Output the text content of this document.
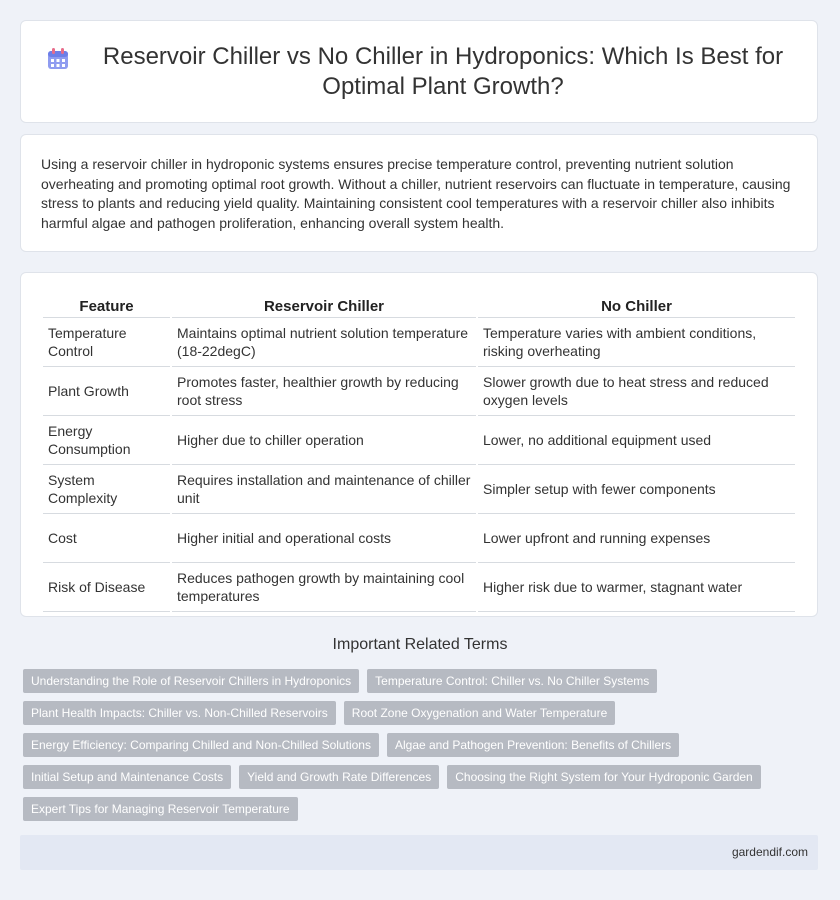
Reservoir Chiller vs No Chiller in Hydroponics: Which Is Best for Optimal Plant Growth?

Using a reservoir chiller in hydroponic systems ensures precise temperature control, preventing nutrient solution overheating and promoting optimal root growth. Without a chiller, nutrient reservoirs can fluctuate in temperature, causing stress to plants and reducing yield quality. Maintaining consistent cool temperatures with a reservoir chiller also inhibits harmful algae and pathogen proliferation, enhancing overall system health.

Feature	Reservoir Chiller	No Chiller
Temperature Control	Maintains optimal nutrient solution temperature (18-22degC)	Temperature varies with ambient conditions, risking overheating
Plant Growth	Promotes faster, healthier growth by reducing root stress	Slower growth due to heat stress and reduced oxygen levels
Energy Consumption	Higher due to chiller operation	Lower, no additional equipment used
System Complexity	Requires installation and maintenance of chiller unit	Simpler setup with fewer components
Cost	Higher initial and operational costs	Lower upfront and running expenses
Risk of Disease	Reduces pathogen growth by maintaining cool temperatures	Higher risk due to warmer, stagnant water
Important Related Terms
Understanding the Role of Reservoir Chillers in Hydroponics	Temperature Control: Chiller vs. No Chiller Systems
Plant Health Impacts: Chiller vs. Non-Chilled Reservoirs	Root Zone Oxygenation and Water Temperature
Energy Efficiency: Comparing Chilled and Non-Chilled Solutions	Algae and Pathogen Prevention: Benefits of Chillers
Initial Setup and Maintenance Costs	Yield and Growth Rate Differences	Choosing the Right System for Your Hydroponic Garden
Expert Tips for Managing Reservoir Temperature
gardendif.com
